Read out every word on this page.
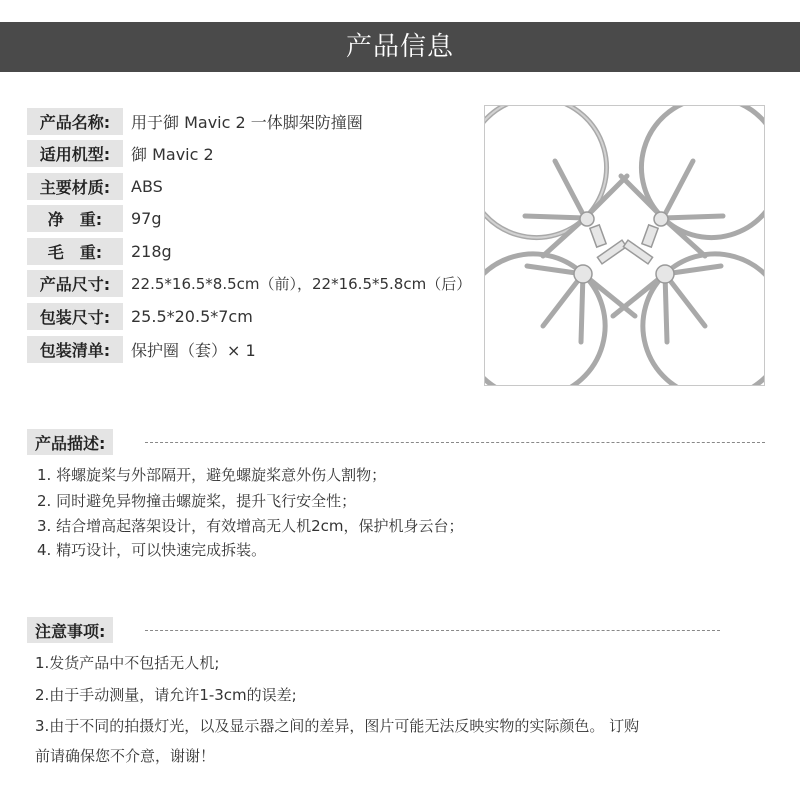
产品信息
产品名称:	用于御 Mavic 2 一体脚架防撞圈
适用机型:	御 Mavic 2
主要材质:	ABS
净　重:	97g
毛　重:	218g
产品尺寸:	22.5*16.5*8.5cm（前），22*16.5*5.8cm（后）
包装尺寸:	25.5*20.5*7cm
包装清单:	保护圈（套）× 1
产品描述:
1. 将螺旋桨与外部隔开，避免螺旋桨意外伤人割物；
2. 同时避免异物撞击螺旋桨，提升飞行安全性；
3. 结合增高起落架设计，有效增高无人机2cm，保护机身云台；
4. 精巧设计，可以快速完成拆装。
注意事项:
1.发货产品中不包括无人机;
2.由于手动测量，请允许1-3cm的误差;
3.由于不同的拍摄灯光，以及显示器之间的差异，图片可能无法反映实物的实际颜色。 订购
前请确保您不介意，谢谢！
